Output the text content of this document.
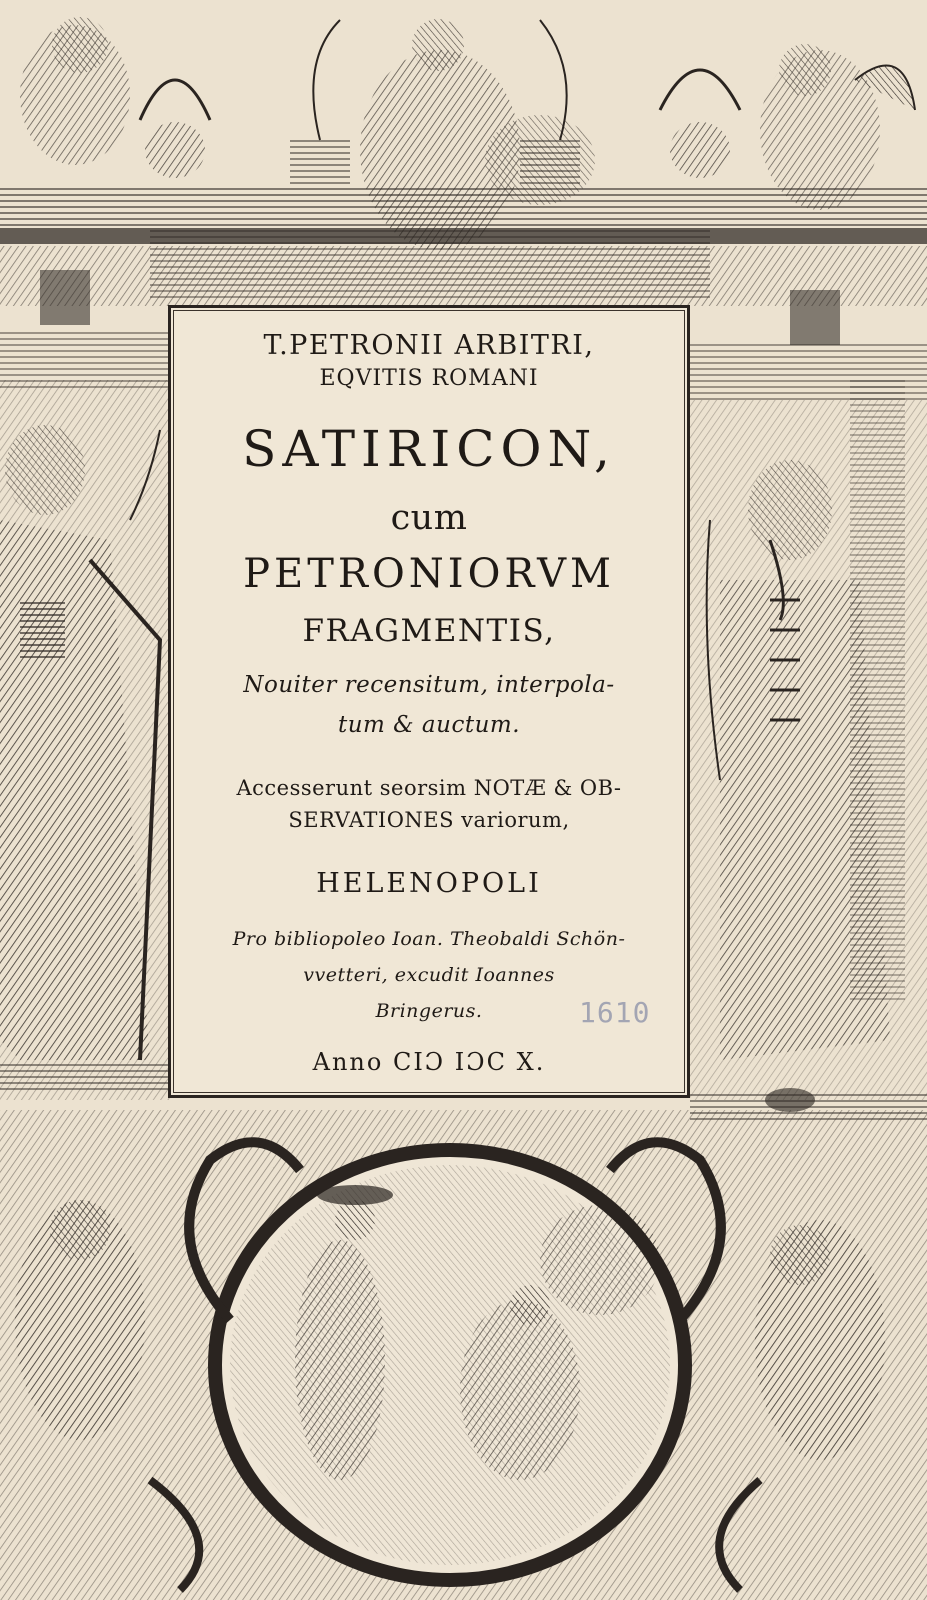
T.PETRONII ARBITRI,
EQVITIS ROMANI
SATIRICON,
cum
PETRONIORVM
FRAGMENTIS,
Nouiter recensitum, interpola-
tum & auctum.
Accesserunt seorsim NOTÆ & OB-
SERVATIONES variorum,
HELENOPOLI
Pro bibliopoleo Ioan. Theobaldi Schön-
vvetteri, excudit Ioannes
Bringerus.
Anno CIƆ IƆC X.
1610
